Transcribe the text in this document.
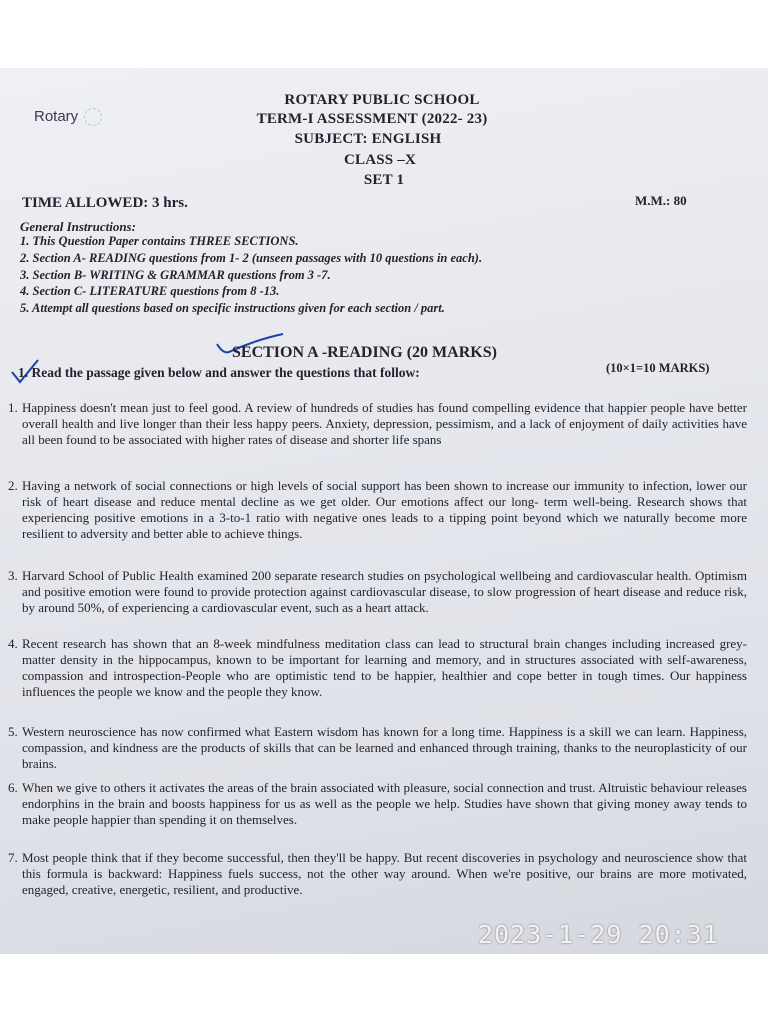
Rotary
ROTARY PUBLIC SCHOOL
TERM-I ASSESSMENT (2022- 23)
SUBJECT: ENGLISH
CLASS –X
SET 1
TIME ALLOWED: 3 hrs.	M.M.: 80
General Instructions:
1. This Question Paper contains THREE SECTIONS.
2. Section A- READING questions from 1- 2 (unseen passages with 10 questions in each).
3. Section B- WRITING & GRAMMAR questions from 3 -7.
4. Section C- LITERATURE questions from 8 -13.
5. Attempt all questions based on specific instructions given for each section / part.
SECTION A -READING (20 MARKS)
1. Read the passage given below and answer the questions that follow:	(10×1=10 MARKS)
1. Happiness doesn't mean just to feel good. A review of hundreds of studies has found compelling evidence that happier people have better overall health and live longer than their less happy peers. Anxiety, depression, pessimism, and a lack of enjoyment of daily activities have all been found to be associated with higher rates of disease and shorter life spans
2. Having a network of social connections or high levels of social support has been shown to increase our immunity to infection, lower our risk of heart disease and reduce mental decline as we get older. Our emotions affect our long- term well-being. Research shows that experiencing positive emotions in a 3-to-1 ratio with negative ones leads to a tipping point beyond which we naturally become more resilient to adversity and better able to achieve things.
3. Harvard School of Public Health examined 200 separate research studies on psychological wellbeing and cardiovascular health. Optimism and positive emotion were found to provide protection against cardiovascular disease, to slow progression of heart disease and reduce risk, by around 50%, of experiencing a cardiovascular event, such as a heart attack.
4. Recent research has shown that an 8-week mindfulness meditation class can lead to structural brain changes including increased grey-matter density in the hippocampus, known to be important for learning and memory, and in structures associated with self-awareness, compassion and introspection-People who are optimistic tend to be happier, healthier and cope better in tough times. Our happiness influences the people we know and the people they know.
5. Western neuroscience has now confirmed what Eastern wisdom has known for a long time. Happiness is a skill we can learn. Happiness, compassion, and kindness are the products of skills that can be learned and enhanced through training, thanks to the neuroplasticity of our brains.
6. When we give to others it activates the areas of the brain associated with pleasure, social connection and trust. Altruistic behaviour releases endorphins in the brain and boosts happiness for us as well as the people we help. Studies have shown that giving money away tends to make people happier than spending it on themselves.
7. Most people think that if they become successful, then they'll be happy. But recent discoveries in psychology and neuroscience show that this formula is backward: Happiness fuels success, not the other way around. When we're positive, our brains are more motivated, engaged, creative, energetic, resilient, and productive.
2023-1-29 20:31
